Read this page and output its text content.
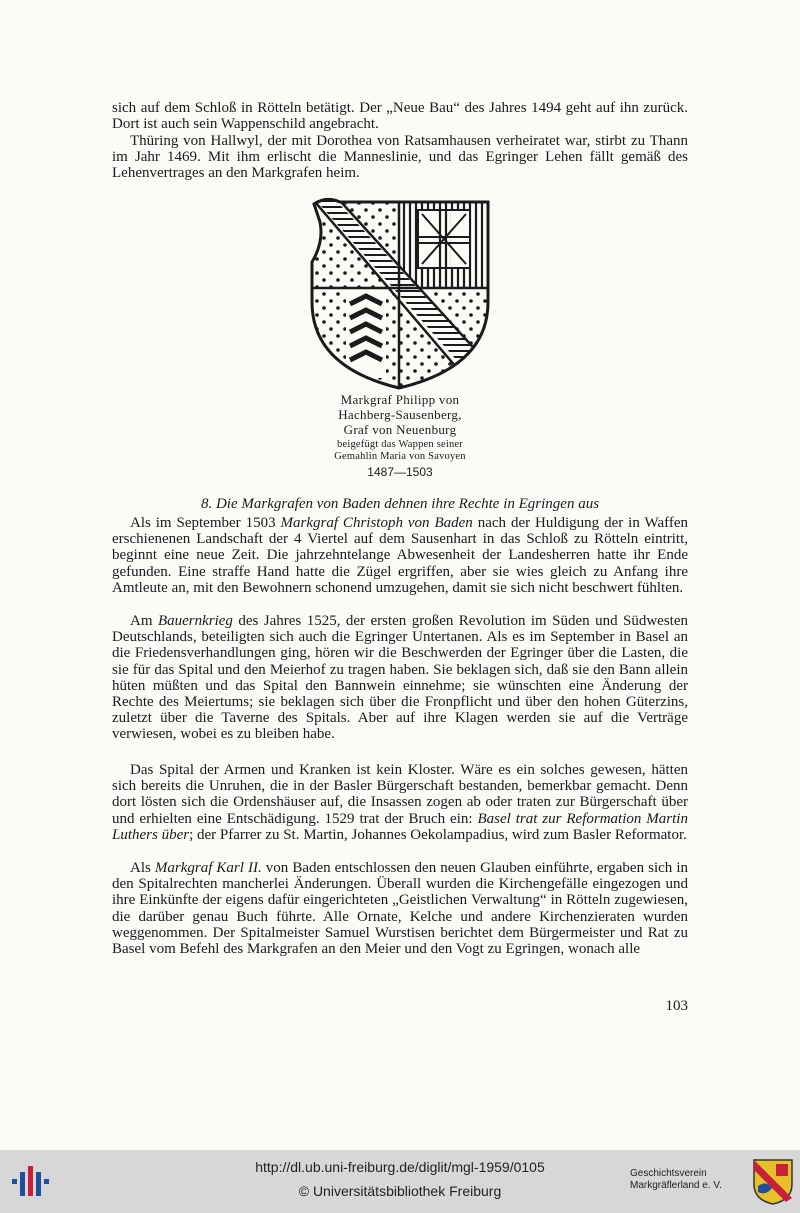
sich auf dem Schloß in Rötteln betätigt. Der „Neue Bau“ des Jahres 1494 geht auf ihn zurück. Dort ist auch sein Wappenschild angebracht.

Thüring von Hallwyl, der mit Dorothea von Ratsamhausen verheiratet war, stirbt zu Thann im Jahr 1469. Mit ihm erlischt die Manneslinie, und das Egringer Lehen fällt gemäß des Lehenvertrages an den Markgrafen heim.

Markgraf Philipp von

Hachberg-Sausenberg,

Graf von Neuenburg

beigefügt das Wappen seiner

Gemahlin Maria von Savoyen

1487—1503

8. Die Markgrafen von Baden dehnen ihre Rechte in Egringen aus

Als im September 1503 Markgraf Christoph von Baden nach der Huldigung der in Waffen erschienenen Landschaft der 4 Viertel auf dem Sausenhart in das Schloß zu Rötteln eintritt, beginnt eine neue Zeit. Die jahrzehntelange Abwesenheit der Landesherren hatte ihr Ende gefunden. Eine straffe Hand hatte die Zügel ergriffen, aber sie wies gleich zu Anfang ihre Amtleute an, mit den Bewohnern schonend umzugehen, damit sie sich nicht beschwert fühlten.

Am Bauernkrieg des Jahres 1525, der ersten großen Revolution im Süden und Südwesten Deutschlands, beteiligten sich auch die Egringer Untertanen. Als es im September in Basel an die Friedensverhandlungen ging, hören wir die Beschwerden der Egringer über die Lasten, die sie für das Spital und den Meierhof zu tragen haben. Sie beklagen sich, daß sie den Bann allein hüten müßten und das Spital den Bannwein einnehme; sie wünschten eine Änderung der Rechte des Meiertums; sie beklagen sich über die Fronpflicht und über den hohen Güterzins, zuletzt über die Taverne des Spitals. Aber auf ihre Klagen werden sie auf die Verträge verwiesen, wobei es zu bleiben habe.

Das Spital der Armen und Kranken ist kein Kloster. Wäre es ein solches gewesen, hätten sich bereits die Unruhen, die in der Basler Bürgerschaft bestanden, bemerkbar gemacht. Denn dort lösten sich die Ordenshäuser auf, die Insassen zogen ab oder traten zur Bürgerschaft über und erhielten eine Entschädigung. 1529 trat der Bruch ein: Basel trat zur Reformation Martin Luthers über; der Pfarrer zu St. Martin, Johannes Oekolampadius, wird zum Basler Reformator.

Als Markgraf Karl II. von Baden entschlossen den neuen Glauben einführte, ergaben sich in den Spitalrechten mancherlei Änderungen. Überall wurden die Kirchengefälle eingezogen und ihre Einkünfte der eigens dafür eingerichteten „Geistlichen Verwaltung“ in Rötteln zugewiesen, die darüber genau Buch führte. Alle Ornate, Kelche und andere Kirchenzieraten wurden weggenommen. Der Spitalmeister Samuel Wurstisen berichtet dem Bürgermeister und Rat zu Basel vom Befehl des Markgrafen an den Meier und den Vogt zu Egringen, wonach alle

103
http://dl.ub.uni-freiburg.de/diglit/mgl-1959/0105
© Universitätsbibliothek Freiburg
Geschichtsverein
Markgräflerland e. V.
